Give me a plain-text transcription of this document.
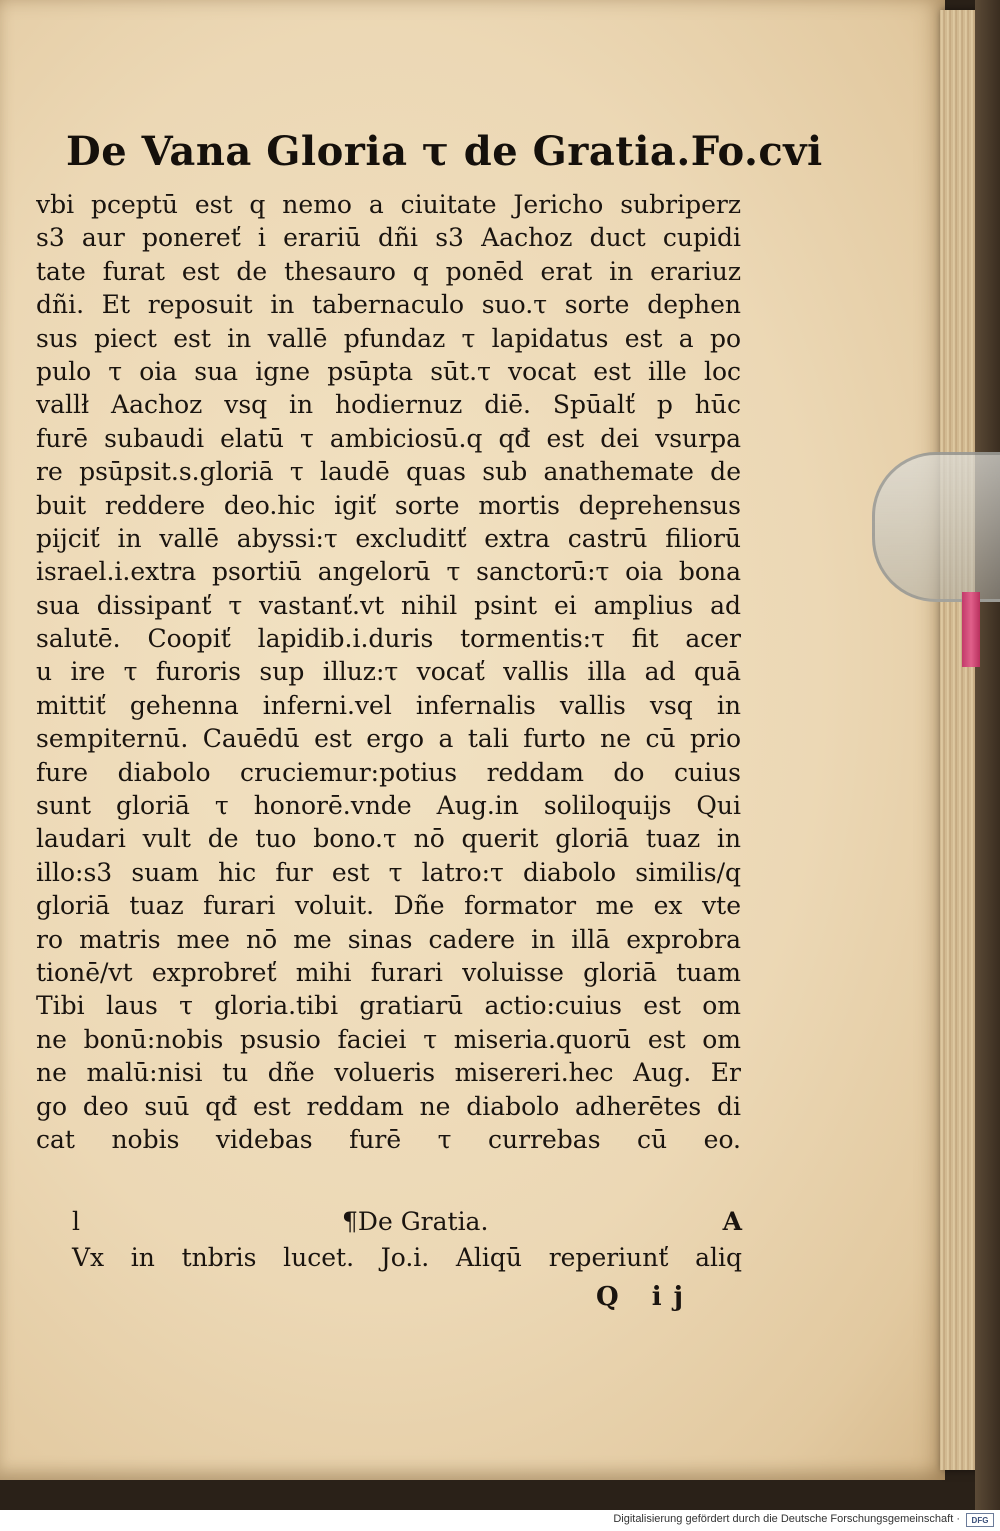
De Vana Gloria τ de Gratia. Fo.cvi
vbi pceptū est q nemo a ciuitate Jericho subriperz
s3 aur ponereť i erariū dñi s3 Aachoz duct cupidi
tate furat est de thesauro q ponēd erat in erariuz
dñi. Et reposuit in tabernaculo suo.τ sorte dephen
sus piect est in vallē pfundaz τ lapidatus est a po
pulo τ oia sua igne psūpta sūt.τ vocat est ille loc
vallł Aachoz vsq in hodiernuz diē. Spūalť p hūc
furē subaudi elatū τ ambiciosū.q qđ est dei vsurpa
re psūpsit.s.gloriā τ laudē quas sub anathemate de
buit reddere deo.hic igiť sorte mortis deprehensus
pijciť in vallē abyssi:τ excluditť extra castrū filiorū
israel.i.extra psortiū angelorū τ sanctorū:τ oia bona
sua dissipanť τ vastanť.vt nihil psint ei amplius ad
salutē. Coopiť lapidib.i.duris tormentis:τ fit acer
u ire τ furoris sup illuz:τ vocať vallis illa ad quā
mittiť gehenna inferni.vel infernalis vallis vsq in
sempiternū. Cauēdū est ergo a tali furto ne cū prio
fure diabolo cruciemur:potius reddam do cuius
sunt gloriā τ honorē.vnde Aug.in soliloquijs Qui
laudari vult de tuo bono.τ nō querit gloriā tuaz in
illo:s3 suam hic fur est τ latro:τ diabolo similis/q
gloriā tuaz furari voluit. Dñe formator me ex vte
ro matris mee nō me sinas cadere in illā exprobra
tionē/vt exprobreť mihi furari voluisse gloriā tuam
Tibi laus τ gloria.tibi gratiarū actio:cuius est om
ne bonū:nobis psusio faciei τ miseria.quorū est om
ne malū:nisi tu dñe volueris misereri.hec Aug. Er
go deo suū qđ est reddam ne diabolo adherētes di
cat nobis videbas furē τ currebas cū eo.
l	¶De Gratia.	A
Vx in tnbris lucet. Jo.i. Aliqū reperiunť aliq
Q ij
Digitalisierung gefördert durch die Deutsche Forschungsgemeinschaft ·	DFG
